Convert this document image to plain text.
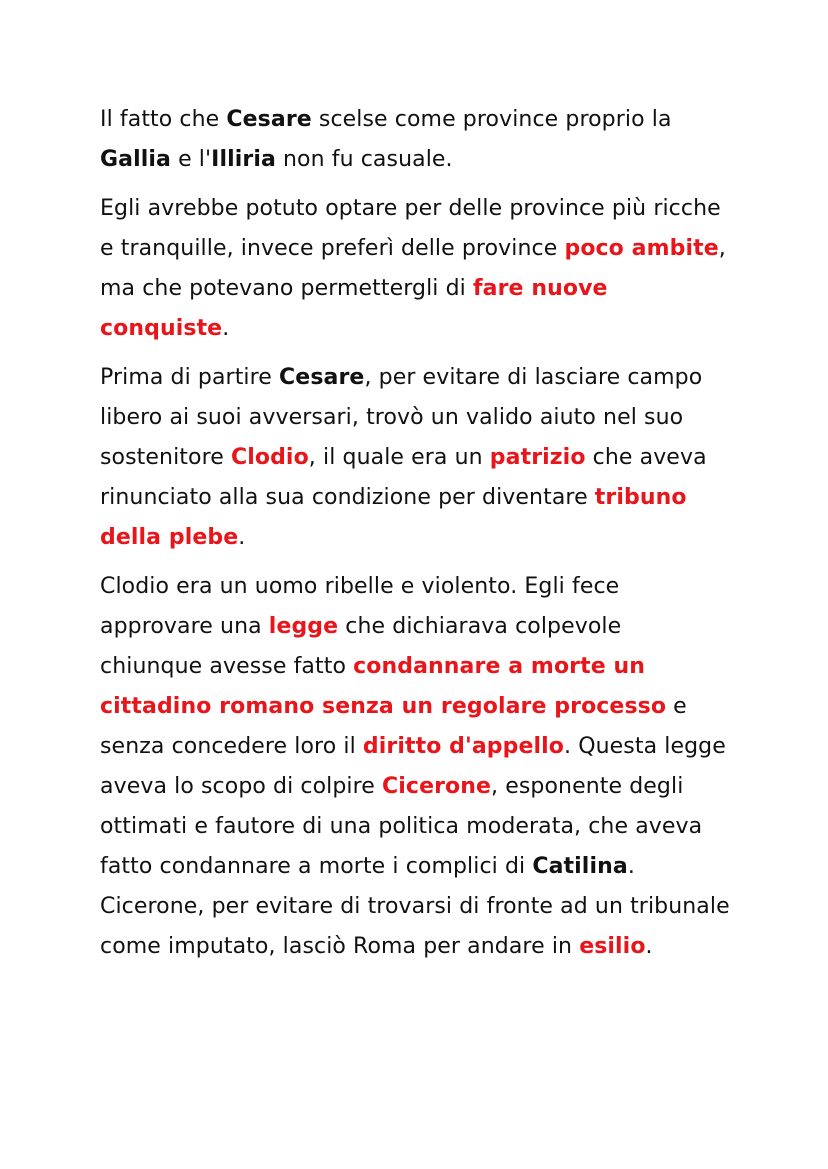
Il fatto che Cesare scelse come province proprio la Gallia e l'Illiria non fu casuale.

Egli avrebbe potuto optare per delle province più ricche e tranquille, invece preferì delle province poco ambite, ma che potevano permettergli di fare nuove conquiste.

Prima di partire Cesare, per evitare di lasciare campo libero ai suoi avversari, trovò un valido aiuto nel suo sostenitore Clodio, il quale era un patrizio che aveva rinunciato alla sua condizione per diventare tribuno della plebe.

Clodio era un uomo ribelle e violento. Egli fece approvare una legge che dichiarava colpevole chiunque avesse fatto condannare a morte un cittadino romano senza un regolare processo e senza concedere loro il diritto d'appello. Questa legge aveva lo scopo di colpire Cicerone, esponente degli ottimati e fautore di una politica moderata, che aveva fatto condannare a morte i complici di Catilina. Cicerone, per evitare di trovarsi di fronte ad un tribunale come imputato, lasciò Roma per andare in esilio.
